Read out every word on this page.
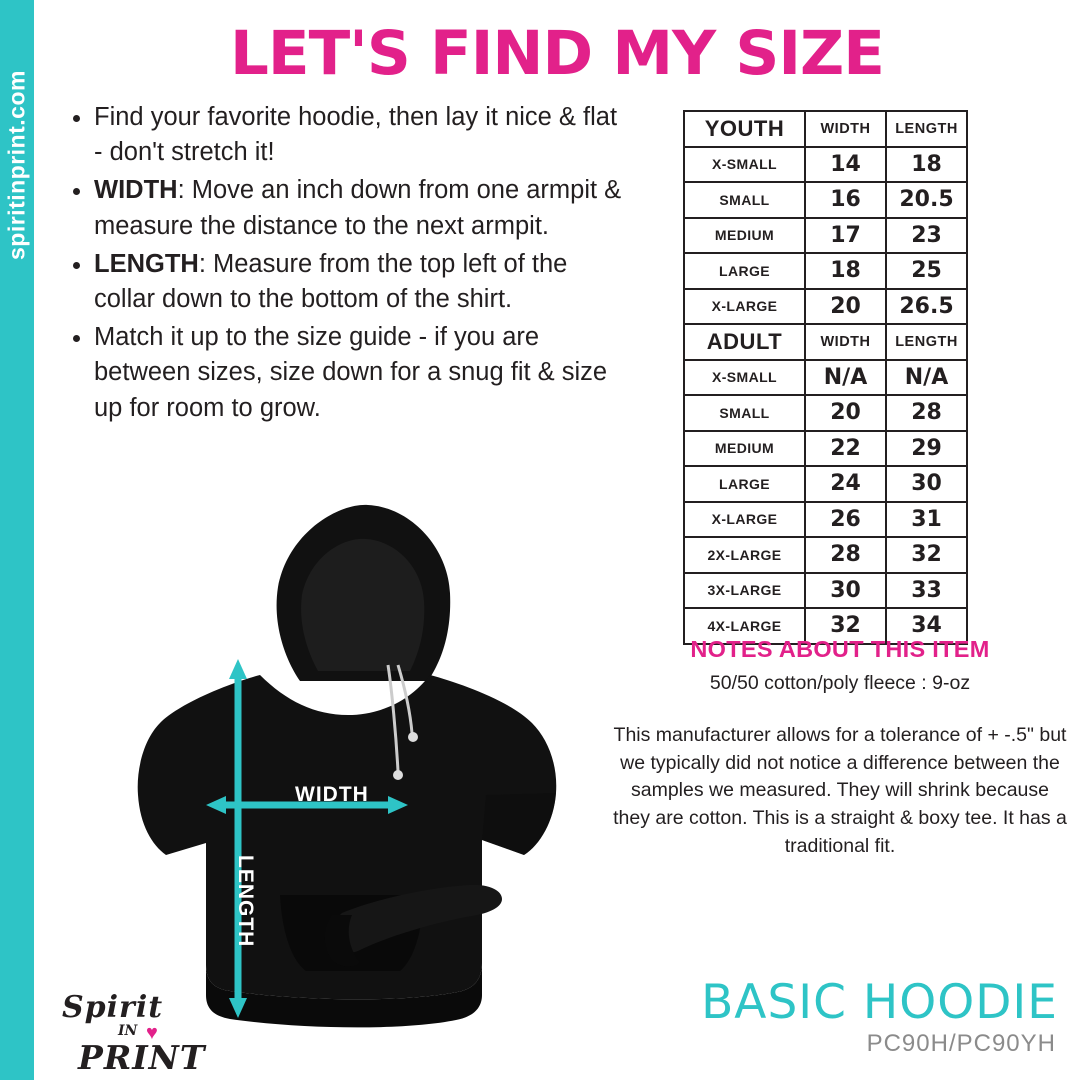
spiritinprint.com
LET'S FIND MY SIZE
• Find your favorite hoodie, then lay it nice & flat - don't stretch it!
• WIDTH: Move an inch down from one armpit & measure the distance to the next armpit.
• LENGTH: Measure from the top left of the collar down to the bottom of the shirt.
• Match it up to the size guide - if you are between sizes, size down for a snug fit & size up for room to grow.
YOUTH	WIDTH	LENGTH
X-SMALL	14	18
SMALL	16	20.5
MEDIUM	17	23
LARGE	18	25
X-LARGE	20	26.5
ADULT	WIDTH	LENGTH
X-SMALL	N/A	N/A
SMALL	20	28
MEDIUM	22	29
LARGE	24	30
X-LARGE	26	31
2X-LARGE	28	32
3X-LARGE	30	33
4X-LARGE	32	34
NOTES ABOUT THIS ITEM
50/50 cotton/poly fleece : 9-oz
This manufacturer allows for a tolerance of + -.5" but we typically did not notice a difference between the samples we measured. They will shrink because they are cotton. This is a straight & boxy tee. It has a traditional fit.
WIDTH
LENGTH
Spirit
IN ♥
PRINT
BASIC HOODIE
PC90H/PC90YH
